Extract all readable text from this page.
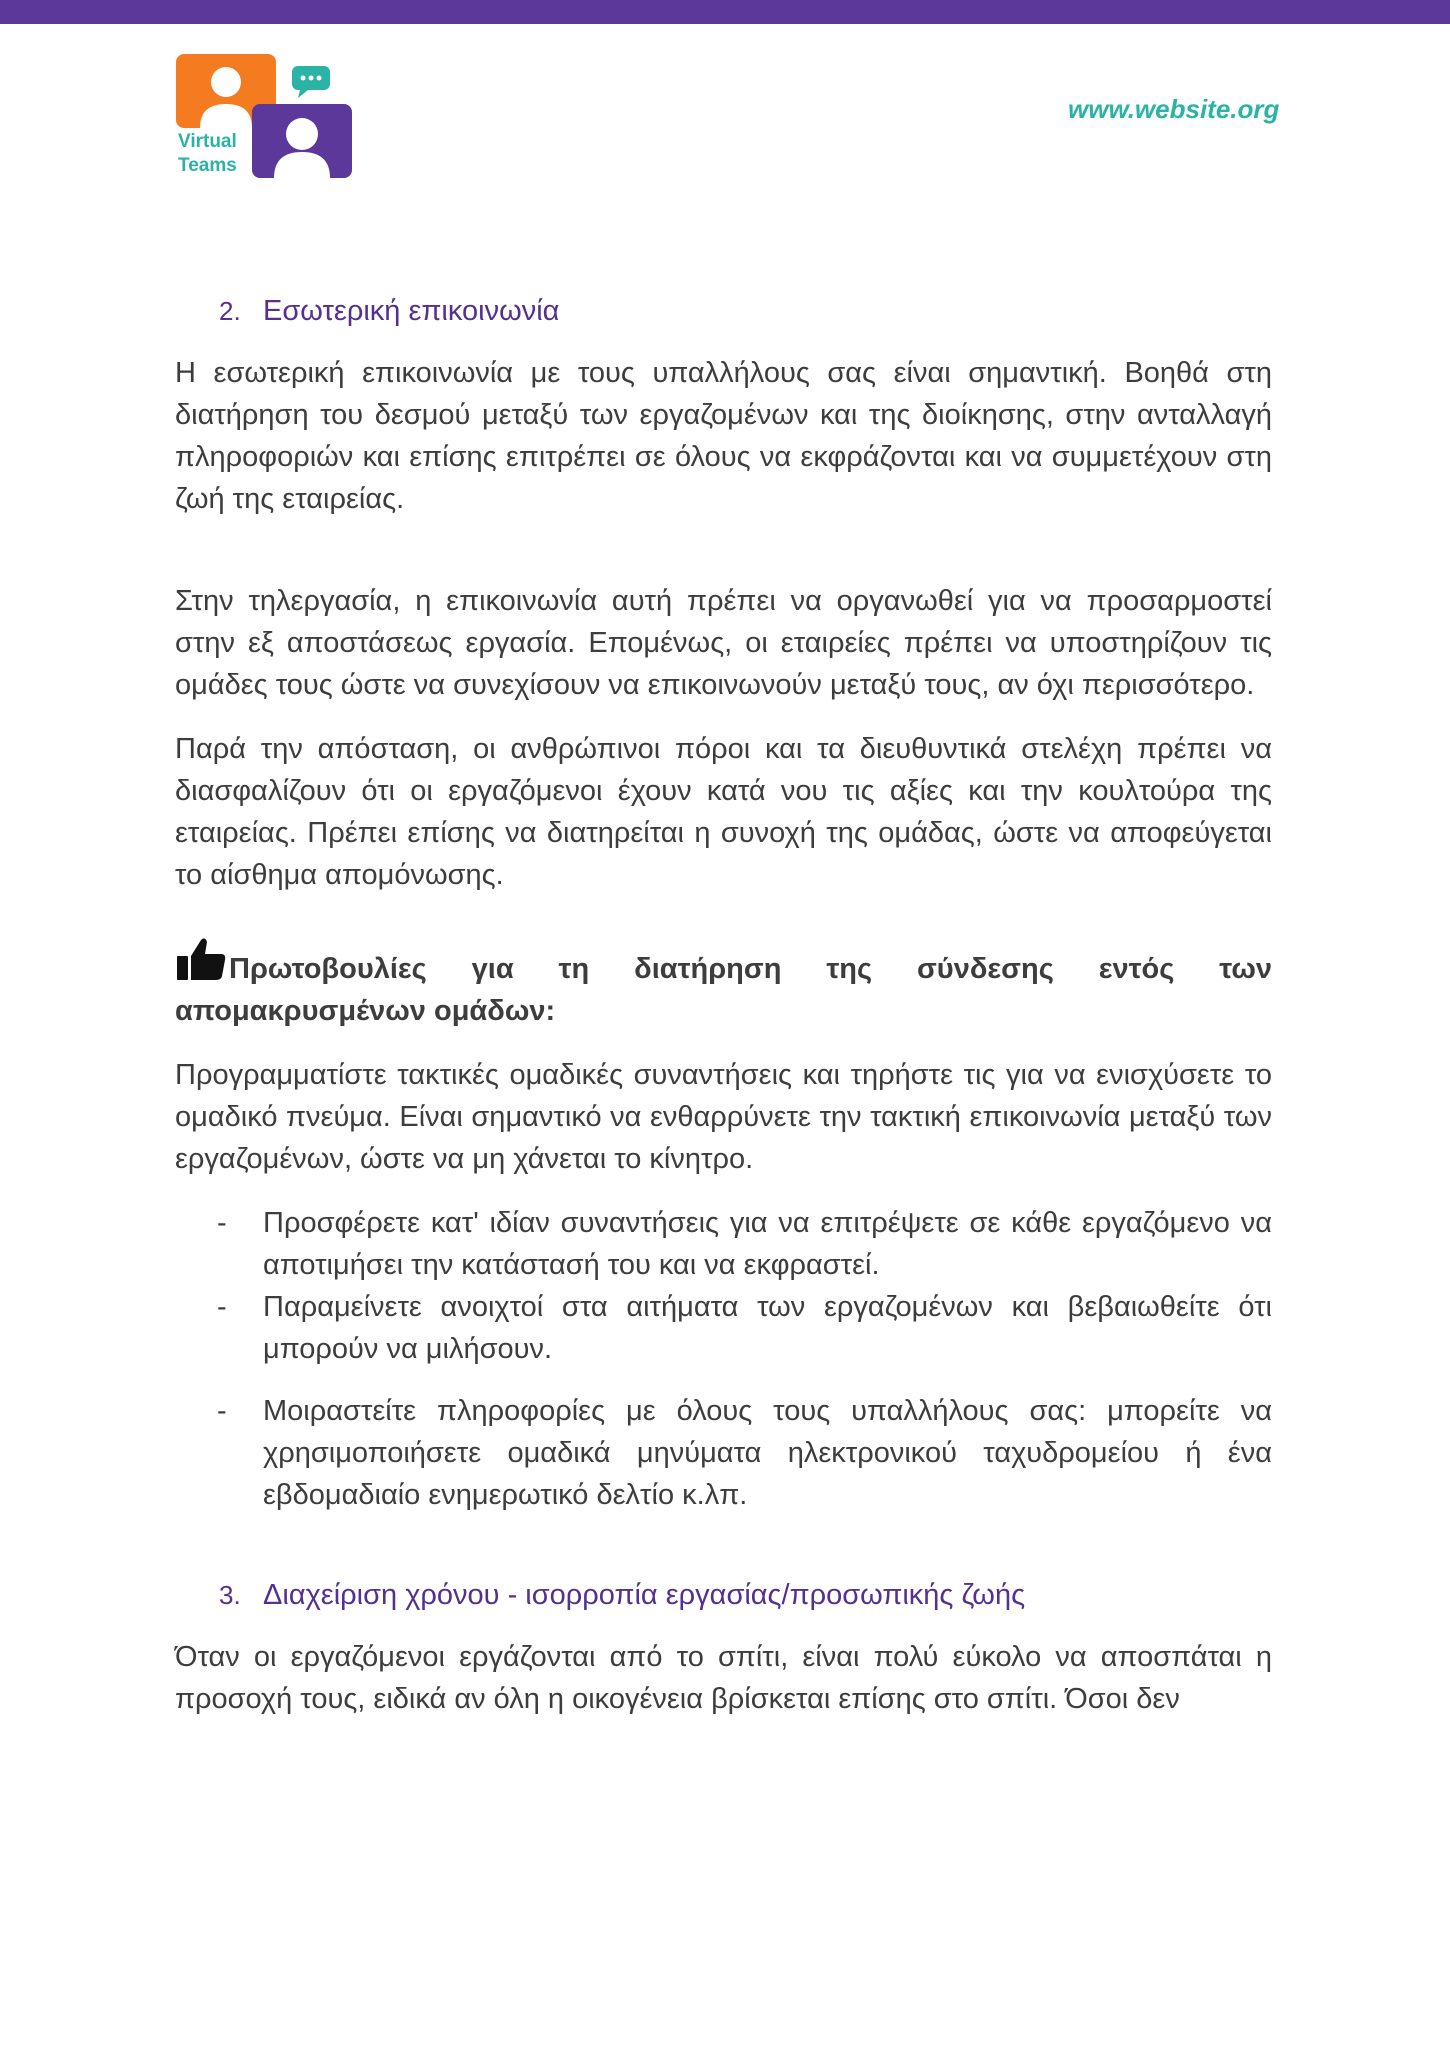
Virtual
Teams
www.website.org
2. Εσωτερική επικοινωνία

Η εσωτερική επικοινωνία με τους υπαλλήλους σας είναι σημαντική. Βοηθά στη διατήρηση του δεσμού μεταξύ των εργαζομένων και της διοίκησης, στην ανταλλαγή πληροφοριών και επίσης επιτρέπει σε όλους να εκφράζονται και να συμμετέχουν στη ζωή της εταιρείας.

Στην τηλεργασία, η επικοινωνία αυτή πρέπει να οργανωθεί για να προσαρμοστεί στην εξ αποστάσεως εργασία. Επομένως, οι εταιρείες πρέπει να υποστηρίζουν τις ομάδες τους ώστε να συνεχίσουν να επικοινωνούν μεταξύ τους, αν όχι περισσότερο.

Παρά την απόσταση, οι ανθρώπινοι πόροι και τα διευθυντικά στελέχη πρέπει να διασφαλίζουν ότι οι εργαζόμενοι έχουν κατά νου τις αξίες και την κουλτούρα της εταιρείας. Πρέπει επίσης να διατηρείται η συνοχή της ομάδας, ώστε να αποφεύγεται το αίσθημα απομόνωσης.

Πρωτοβουλίες για τη διατήρηση της σύνδεσης εντός των απομακρυσμένων ομάδων:

Προγραμματίστε τακτικές ομαδικές συναντήσεις και τηρήστε τις για να ενισχύσετε το ομαδικό πνεύμα. Είναι σημαντικό να ενθαρρύνετε την τακτική επικοινωνία μεταξύ των εργαζομένων, ώστε να μη χάνεται το κίνητρο.

- Προσφέρετε κατ' ιδίαν συναντήσεις για να επιτρέψετε σε κάθε εργαζόμενο να αποτιμήσει την κατάστασή του και να εκφραστεί.
- Παραμείνετε ανοιχτοί στα αιτήματα των εργαζομένων και βεβαιωθείτε ότι μπορούν να μιλήσουν.
- Μοιραστείτε πληροφορίες με όλους τους υπαλλήλους σας: μπορείτε να χρησιμοποιήσετε ομαδικά μηνύματα ηλεκτρονικού ταχυδρομείου ή ένα εβδομαδιαίο ενημερωτικό δελτίο κ.λπ.
3. Διαχείριση χρόνου - ισορροπία εργασίας/προσωπικής ζωής

Όταν οι εργαζόμενοι εργάζονται από το σπίτι, είναι πολύ εύκολο να αποσπάται η προσοχή τους, ειδικά αν όλη η οικογένεια βρίσκεται επίσης στο σπίτι. Όσοι δεν
